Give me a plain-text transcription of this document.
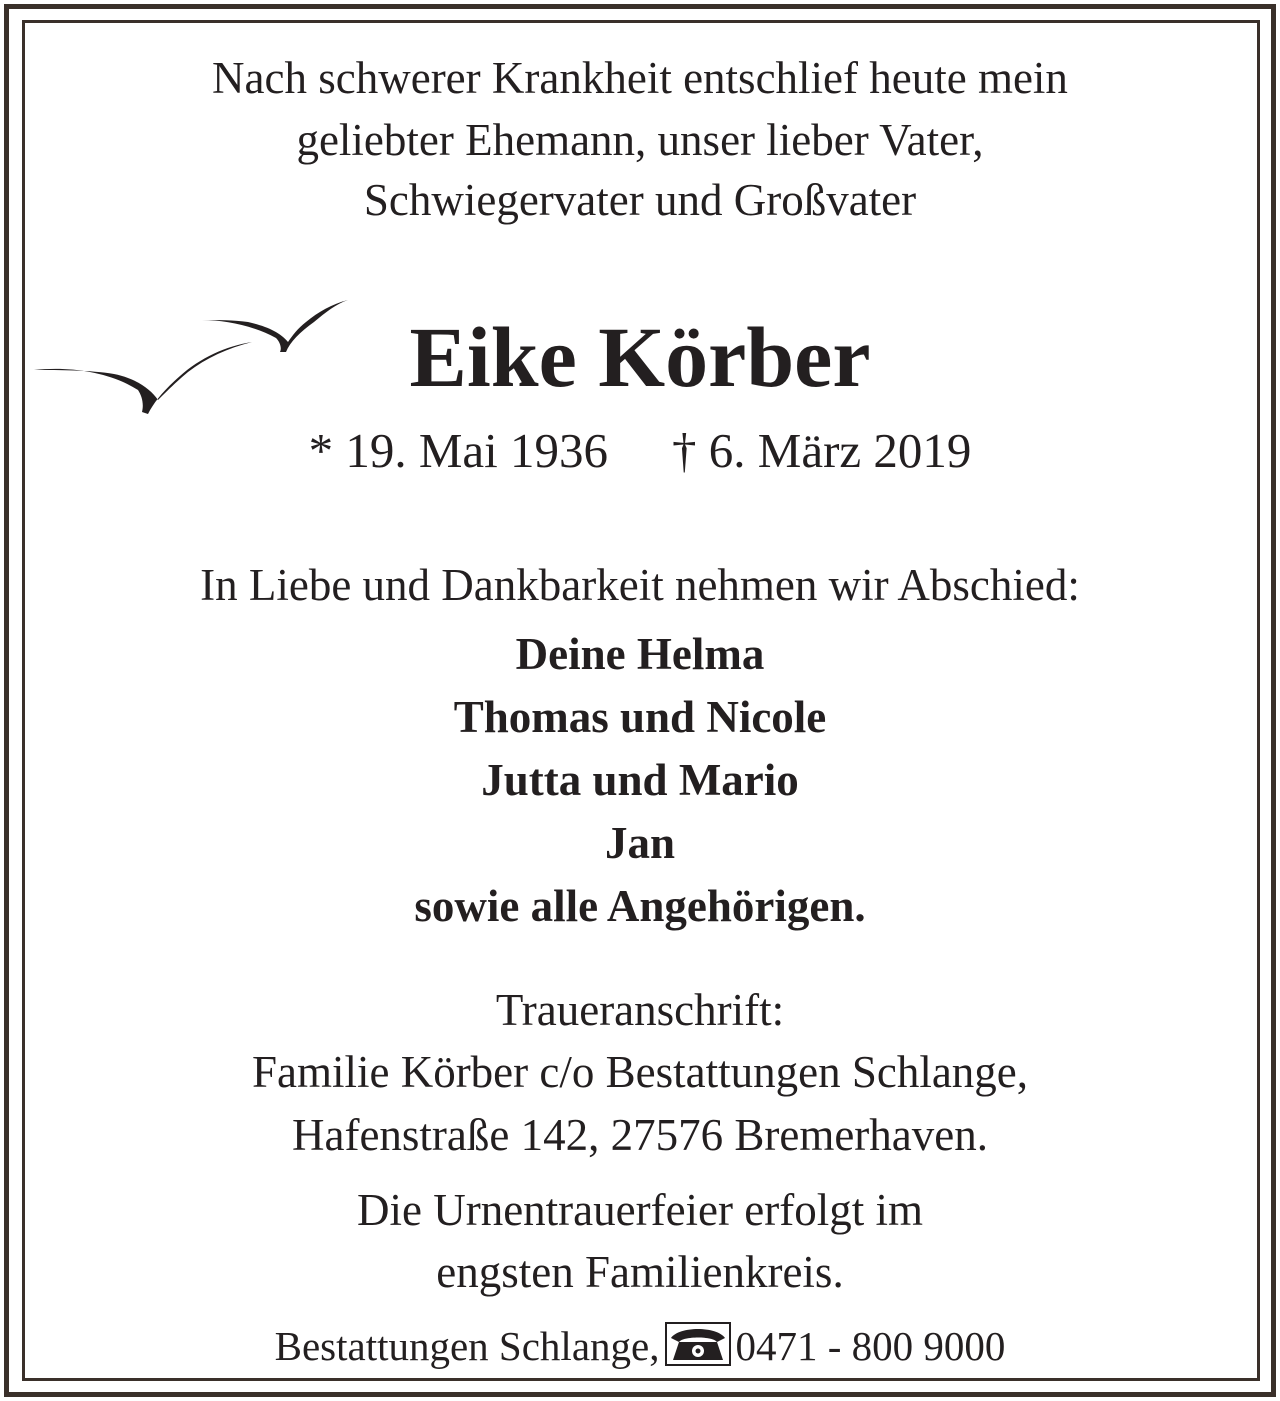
Nach schwerer Krankheit entschlief heute mein
geliebter Ehemann, unser lieber Vater,
Schwiegervater und Großvater
Eike Körber
* 19. Mai 1936 † 6. März 2019
In Liebe und Dankbarkeit nehmen wir Abschied:
Deine Helma
Thomas und Nicole
Jutta und Mario
Jan
sowie alle Angehörigen.
Traueranschrift:
Familie Körber c/o Bestattungen Schlange,
Hafenstraße 142, 27576 Bremerhaven.
Die Urnentrauerfeier erfolgt im
engsten Familienkreis.
Bestattungen Schlange, 0471 - 800 9000
